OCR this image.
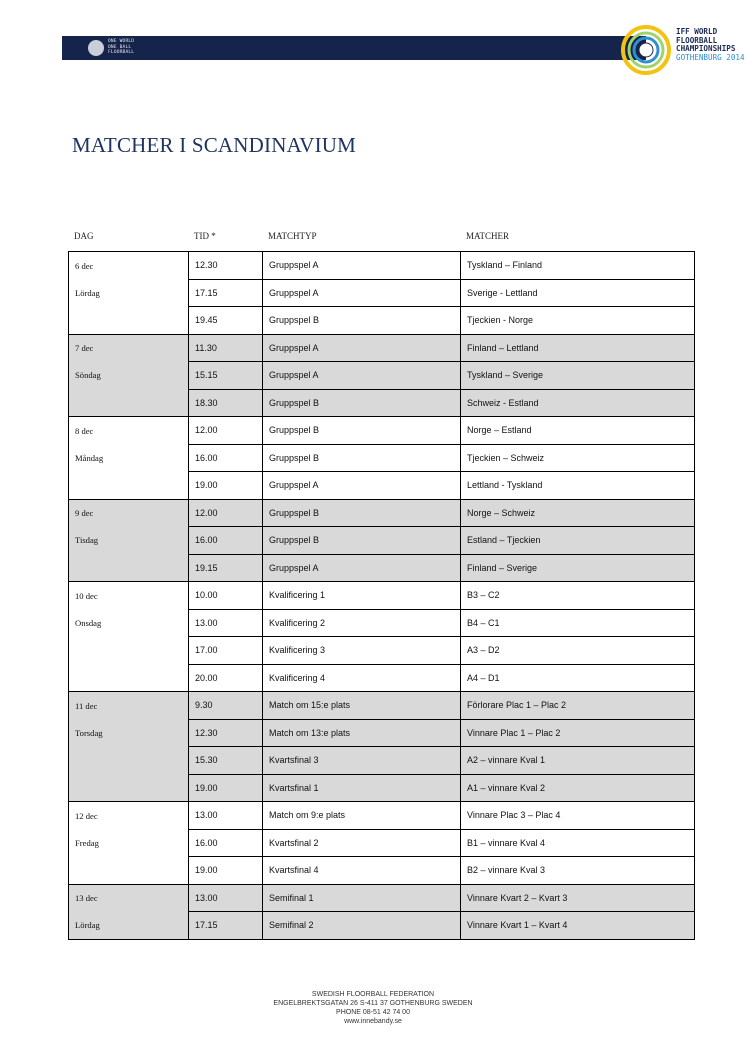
ONE WORLD
ONE BALL
FLOORBALL
IFF WORLD
FLOORBALL
CHAMPIONSHIPS
GOTHENBURG 2014
MATCHER I SCANDINAVIUM
DAG	TID *	MATCHTYP	MATCHER
6 dec	12.30	Gruppspel A	Tyskland – Finland
Lördag	17.15	Gruppspel A	Sverige - Lettland
	19.45	Gruppspel B	Tjeckien - Norge
7 dec	11.30	Gruppspel A	Finland – Lettland
Söndag	15.15	Gruppspel A	Tyskland – Sverige
	18.30	Gruppspel B	Schweiz - Estland
8 dec	12.00	Gruppspel B	Norge – Estland
Måndag	16.00	Gruppspel B	Tjeckien – Schweiz
	19.00	Gruppspel A	Lettland - Tyskland
9 dec	12.00	Gruppspel B	Norge – Schweiz
Tisdag	16.00	Gruppspel B	Estland – Tjeckien
	19.15	Gruppspel A	Finland – Sverige
10 dec	10.00	Kvalificering 1	B3 – C2
Onsdag	13.00	Kvalificering 2	B4 – C1
	17.00	Kvalificering 3	A3 – D2
	20.00	Kvalificering 4	A4 – D1
11 dec	9.30	Match om 15:e plats	Förlorare Plac 1 – Plac 2
Torsdag	12.30	Match om 13:e plats	Vinnare Plac 1 – Plac 2
	15.30	Kvartsfinal 3	A2 – vinnare Kval 1
	19.00	Kvartsfinal 1	A1 – vinnare Kval 2
12 dec	13.00	Match om 9:e plats	Vinnare Plac 3 – Plac 4
Fredag	16.00	Kvartsfinal 2	B1 – vinnare Kval 4
	19.00	Kvartsfinal 4	B2 – vinnare Kval 3
13 dec	13.00	Semifinal 1	Vinnare Kvart 2 – Kvart 3
Lördag	17.15	Semifinal 2	Vinnare Kvart 1 – Kvart 4
SWEDISH FLOORBALL FEDERATION
ENGELBREKTSGATAN 26 S-411 37 GOTHENBURG SWEDEN
PHONE 08-51 42 74 00
www.innebandy.se
